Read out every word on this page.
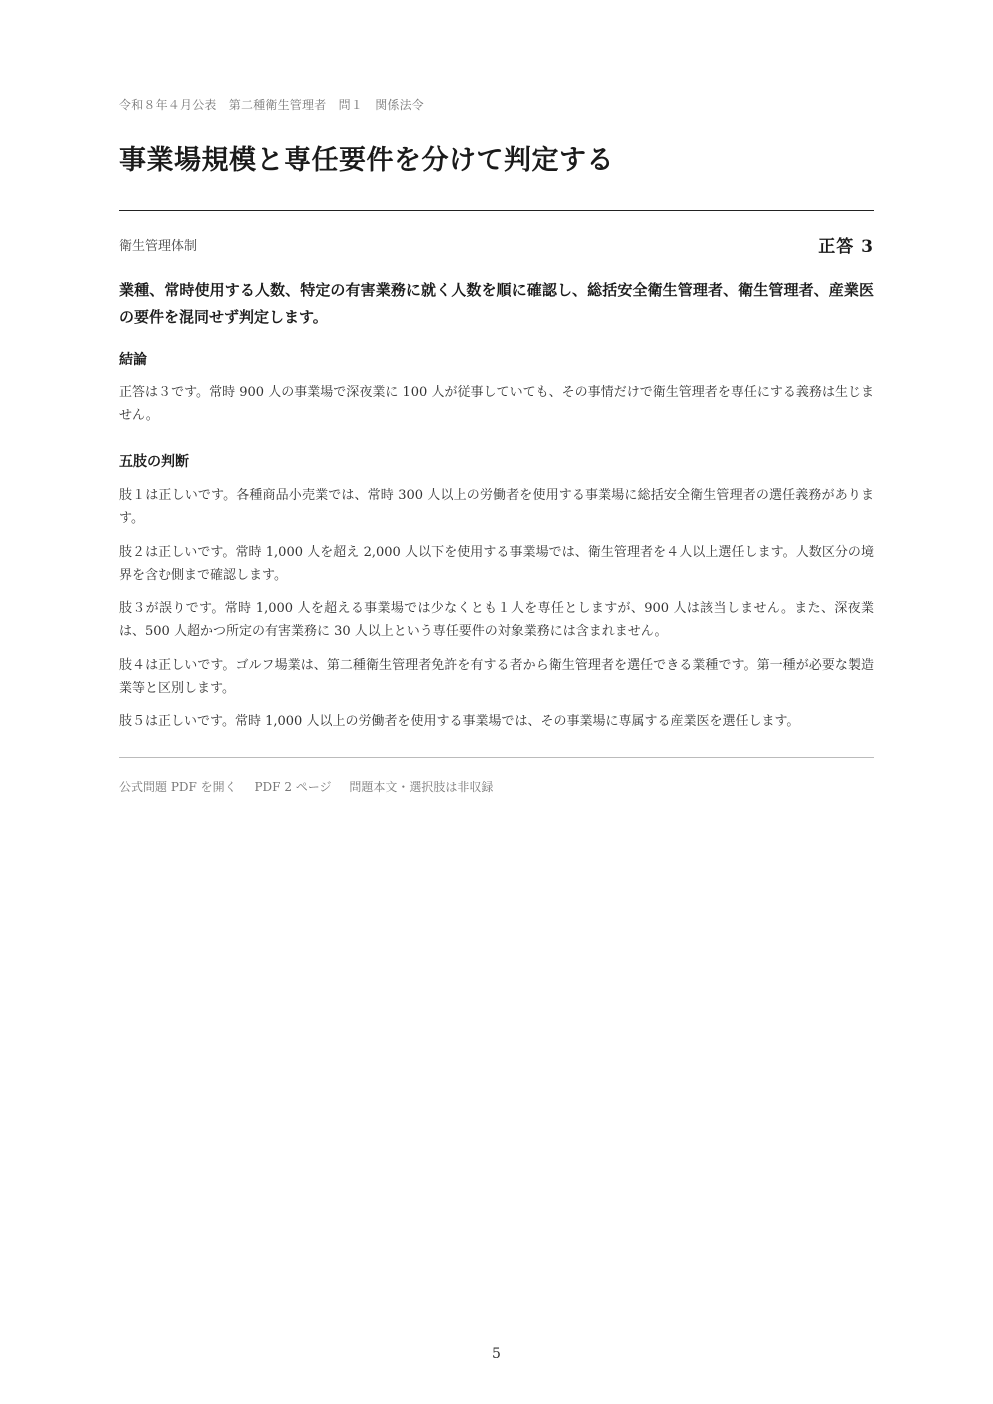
令和８年４月公表　第二種衛生管理者　問１　関係法令
事業場規模と専任要件を分けて判定する
衛生管理体制	正答 3

業種、常時使用する人数、特定の有害業務に就く人数を順に確認し、総括安全衛生管理者、衛生管理者、産業医の要件を混同せず判定します。

結論

正答は３です。常時 900 人の事業場で深夜業に 100 人が従事していても、その事情だけで衛生管理者を専任にする義務は生じません。

五肢の判断

肢１は正しいです。各種商品小売業では、常時 300 人以上の労働者を使用する事業場に総括安全衛生管理者の選任義務があります。

肢２は正しいです。常時 1,000 人を超え 2,000 人以下を使用する事業場では、衛生管理者を４人以上選任します。人数区分の境界を含む側まで確認します。

肢３が誤りです。常時 1,000 人を超える事業場では少なくとも１人を専任としますが、900 人は該当しません。また、深夜業は、500 人超かつ所定の有害業務に 30 人以上という専任要件の対象業務には含まれません。

肢４は正しいです。ゴルフ場業は、第二種衛生管理者免許を有する者から衛生管理者を選任できる業種です。第一種が必要な製造業等と区別します。

肢５は正しいです。常時 1,000 人以上の労働者を使用する事業場では、その事業場に専属する産業医を選任します。

公式問題 PDF を開く PDF 2 ページ 問題本文・選択肢は非収録
5
